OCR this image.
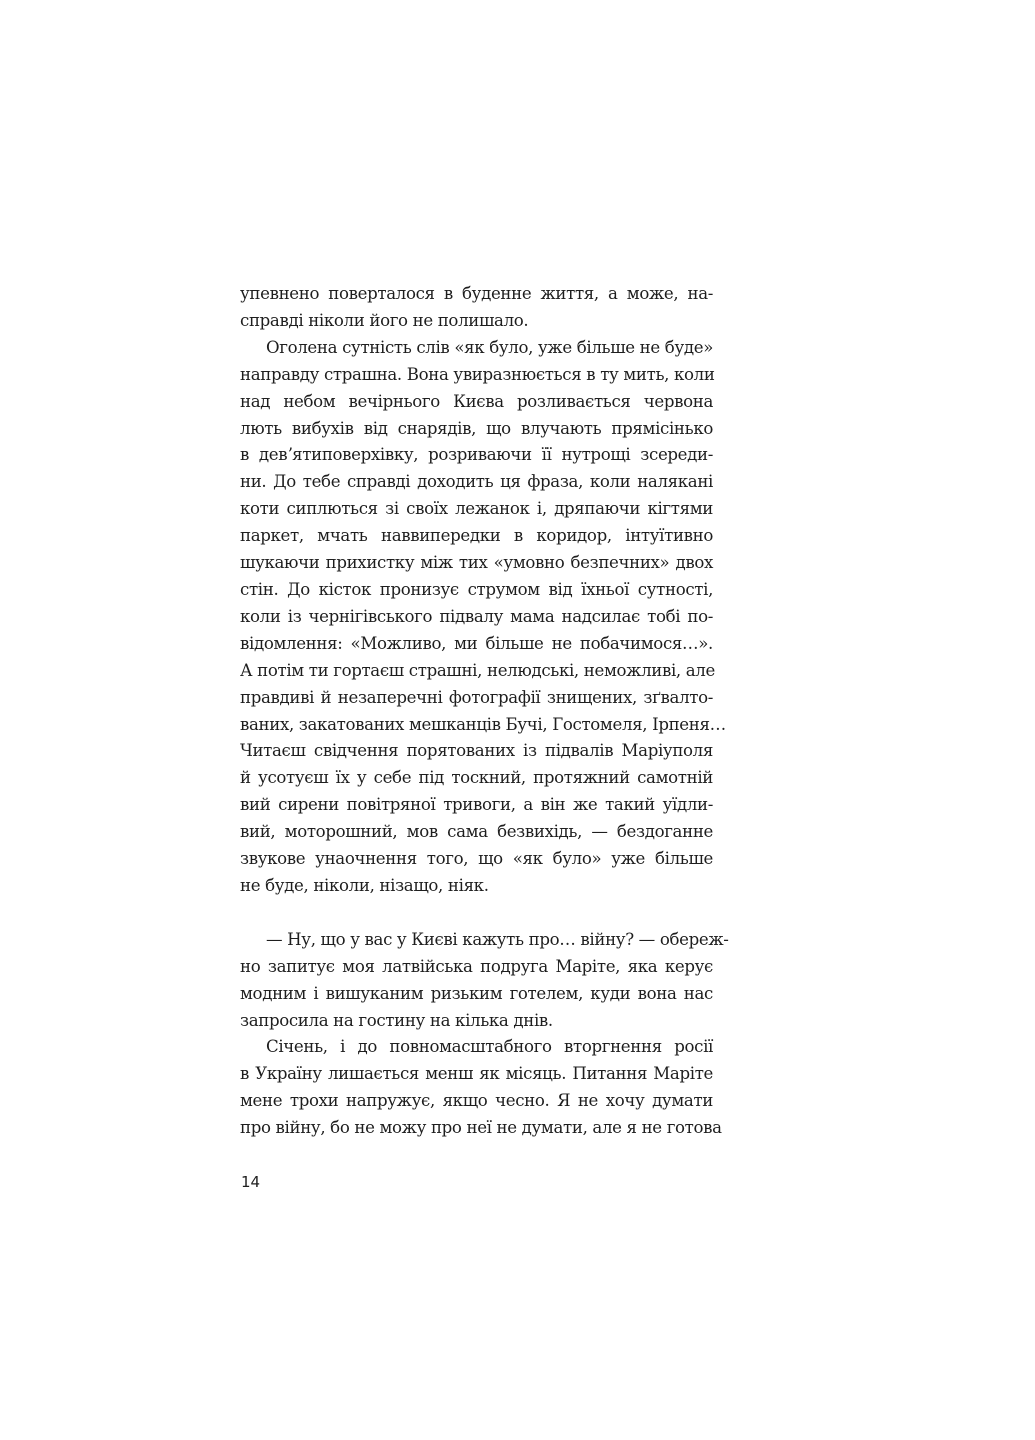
упевнено поверталося в буденне життя, а може, на-
справді ніколи його не полишало.

Оголена сутність слів «як було, уже більше не буде»
направду страшна. Вона увиразнюється в ту мить, коли
над небом вечірнього Києва розливається червона
лють вибухів від снарядів, що влучають прямісінько
в девʼятиповерхівку, розриваючи її нутрощі зсереди-
ни. До тебе справді доходить ця фраза, коли налякані
коти сиплються зі своїх лежанок і, дряпаючи кігтями
паркет, мчать наввипередки в коридор, інтуїтивно
шукаючи прихистку між тих «умовно безпечних» двох
стін. До кісток пронизує струмом від їхньої сутності,
коли із чернігівського підвалу мама надсилає тобі по-
відомлення: «Можливо, ми більше не побачимося…».
А потім ти гортаєш страшні, нелюдські, неможливі, але
правдиві й незаперечні фотографії знищених, зґвалто-
ваних, закатованих мешканців Бучі, Гостомеля, Ірпеня…
Читаєш свідчення порятованих із підвалів Маріуполя
й усотуєш їх у себе під тоскний, протяжний самотній
вий сирени повітряної тривоги, а він же такий уїдли-
вий, моторошний, мов сама безвихідь, — бездоганне
звукове унаочнення того, що «як було» уже більше
не буде, ніколи, нізащо, ніяк.

— Ну, що у вас у Києві кажуть про… війну? — обереж-
но запитує моя латвійська подруга Маріте, яка керує
модним і вишуканим ризьким готелем, куди вона нас
запросила на гостину на кілька днів.

Січень, і до повномасштабного вторгнення росії
в Україну лишається менш як місяць. Питання Маріте
мене трохи напружує, якщо чесно. Я не хочу думати
про війну, бо не можу про неї не думати, але я не готова

14
